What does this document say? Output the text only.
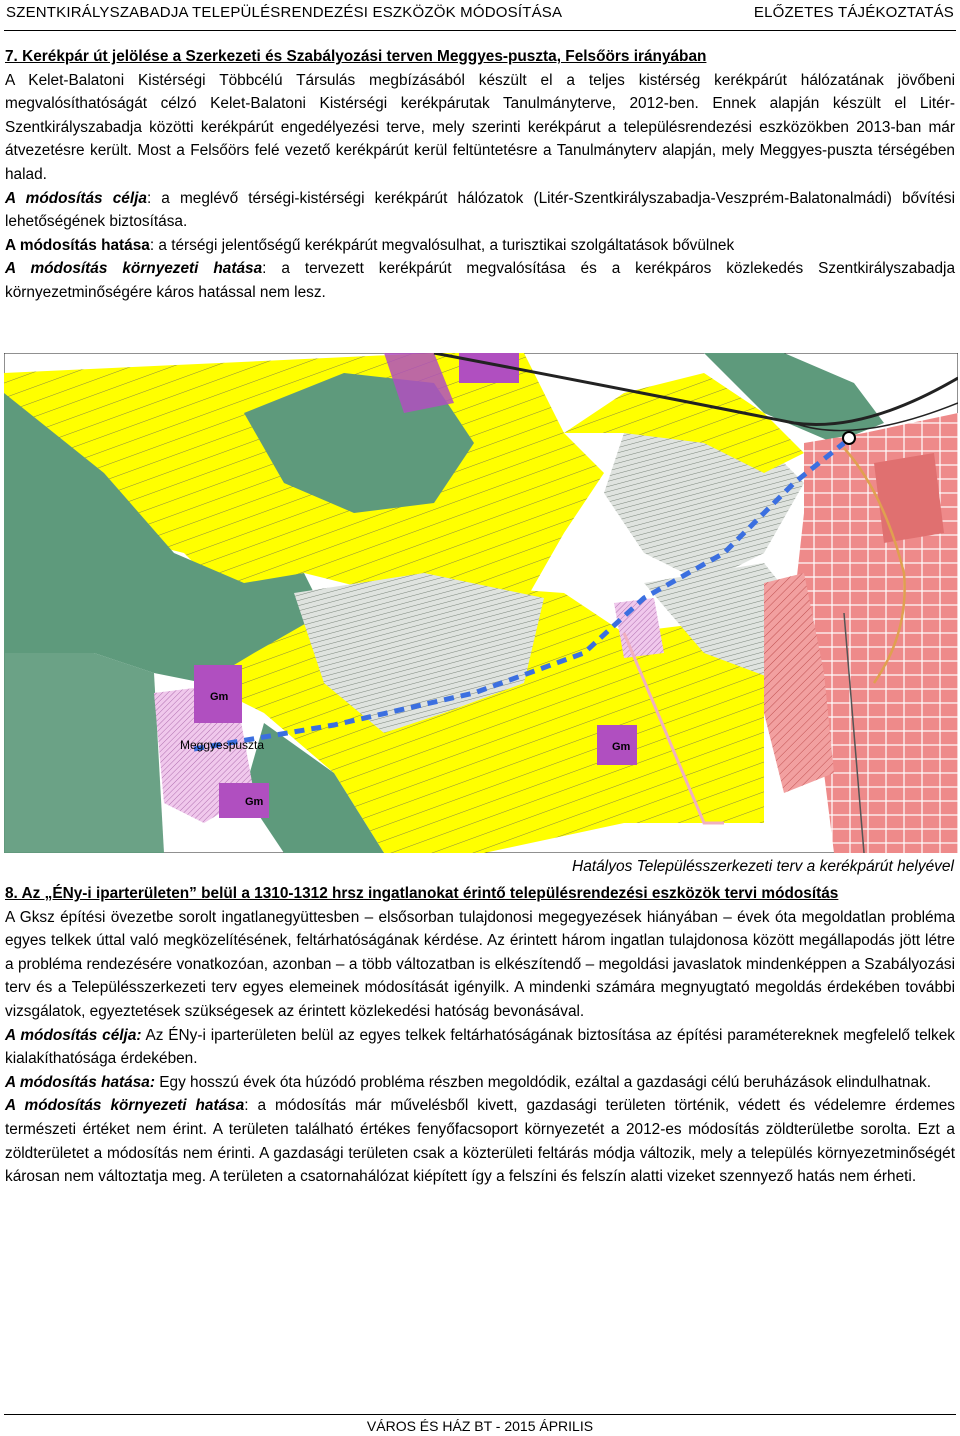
SZENTKIRÁLYSZABADJA TELEPÜLÉSRENDEZÉSI ESZKÖZÖK MÓDOSÍTÁSA	ELŐZETES TÁJÉKOZTATÁS

7. Kerékpár út jelölése a Szerkezeti és Szabályozási terven Meggyes-puszta, Felsőörs irányában

A Kelet-Balatoni Kistérségi Többcélú Társulás megbízásából készült el a teljes kistérség kerékpárút hálózatának jövőbeni megvalósíthatóságát célzó Kelet-Balatoni Kistérségi kerékpárutak Tanulmányterve, 2012-ben. Ennek alapján készült el Litér-Szentkirályszabadja közötti kerékpárút engedélyezési terve, mely szerinti kerékpárut a településrendezési eszközökben 2013-ban már átvezetésre került. Most a Felsőörs felé vezető kerékpárút kerül feltüntetésre a Tanulmányterv alapján, mely Meggyes-puszta térségében halad.

A módosítás célja: a meglévő térségi-kistérségi kerékpárút hálózatok (Litér-Szentkirályszabadja-Veszprém-Balatonalmádi) bővítési lehetőségének biztosítása.

A módosítás hatása: a térségi jelentőségű kerékpárút megvalósulhat, a turisztikai szolgáltatások bővülnek

A módosítás környezeti hatása: a tervezett kerékpárút megvalósítása és a kerékpáros közlekedés Szentkirályszabadja környezetminőségére káros hatással nem lesz.

Gm
Gm
Gm
Meggyespuszta
Hatályos Településszerkezeti terv a kerékpárút helyével

8. Az „ÉNy-i iparterületen” belül a 1310-1312 hrsz ingatlanokat érintő településrendezési eszközök tervi módosítás

A Gksz építési övezetbe sorolt ingatlanegyüttesben – elsősorban tulajdonosi megegyezések hiányában – évek óta megoldatlan probléma egyes telkek úttal való megközelítésének, feltárhatóságának kérdése. Az érintett három ingatlan tulajdonosa között megállapodás jött létre a probléma rendezésére vonatkozóan, azonban – a több változatban is elkészítendő – megoldási javaslatok mindenképpen a Szabályozási terv és a Településszerkezeti terv egyes elemeinek módosítását igényilk. A mindenki számára megnyugtató megoldás érdekében további vizsgálatok, egyeztetések szükségesek az érintett közlekedési hatóság bevonásával.

A módosítás célja: Az ÉNy-i iparterületen belül az egyes telkek feltárhatóságának biztosítása az építési paramétereknek megfelelő telkek kialakíthatósága érdekében.

A módosítás hatása: Egy hosszú évek óta húzódó probléma részben megoldódik, ezáltal a gazdasági célú beruházások elindulhatnak.

A módosítás környezeti hatása: a módosítás már művelésből kivett, gazdasági területen történik, védett és védelemre érdemes természeti értéket nem érint. A területen található értékes fenyőfacsoport környezetét a 2012-es módosítás zöldterületbe sorolta. Ezt a zöldterületet a módosítás nem érinti. A gazdasági területen csak a közterületi feltárás módja változik, mely a település környezetminőségét károsan nem változtatja meg. A területen a csatornahálózat kiépített így a felszíni és felszín alatti vizeket szennyező hatás nem érheti.

VÁROS ÉS HÁZ BT - 2015 ÁPRILIS
